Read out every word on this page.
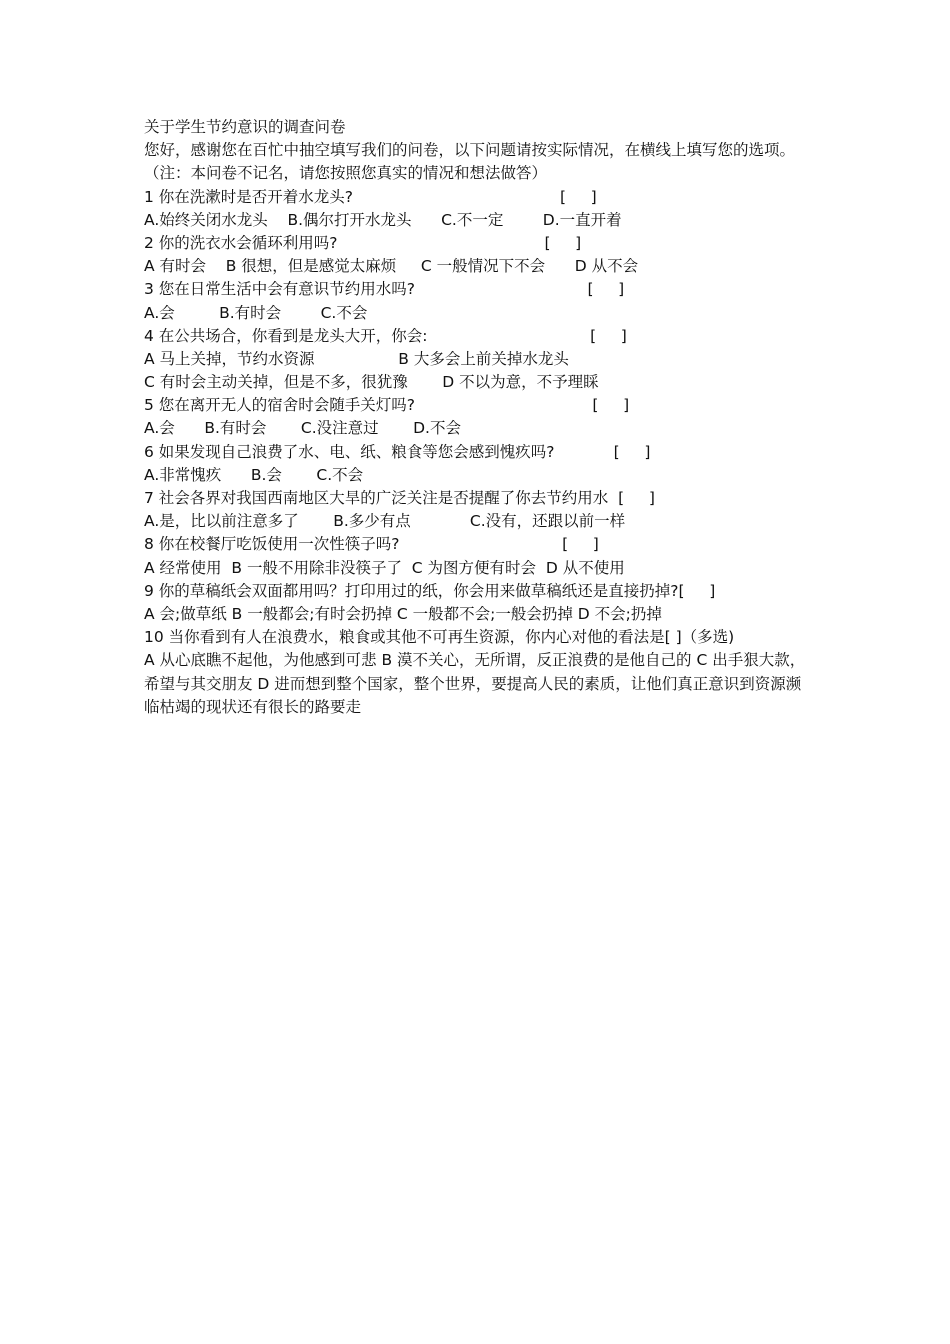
关于学生节约意识的调查问卷
您好，感谢您在百忙中抽空填写我们的问卷，以下问题请按实际情况，在横线上填写您的选项。（注：本问卷不记名，请您按照您真实的情况和想法做答）
1 你在洗漱时是否开着水龙头?                                          [     ]
A.始终关闭水龙头    B.偶尔打开水龙头      C.不一定        D.一直开着
2 你的洗衣水会循环利用吗?                                          [     ]
A 有时会    B 很想，但是感觉太麻烦     C 一般情况下不会      D 从不会
3 您在日常生活中会有意识节约用水吗?                                   [     ]
A.会         B.有时会        C.不会
4 在公共场合，你看到是龙头大开，你会:                                 [     ]
A 马上关掉，节约水资源                 B 大多会上前关掉水龙头
C 有时会主动关掉，但是不多，很犹豫       D 不以为意，不予理睬
5 您在离开无人的宿舍时会随手关灯吗?                                    [     ]
A.会      B.有时会       C.没注意过       D.不会
6 如果发现自己浪费了水、电、纸、粮食等您会感到愧疚吗?            [     ]
A.非常愧疚      B.会       C.不会
7 社会各界对我国西南地区大旱的广泛关注是否提醒了你去节约用水  [     ]
A.是，比以前注意多了       B.多少有点            C.没有，还跟以前一样
8 你在校餐厅吃饭使用一次性筷子吗?                                 [     ]
A 经常使用  B 一般不用除非没筷子了  C 为图方便有时会  D 从不使用
9 你的草稿纸会双面都用吗？打印用过的纸，你会用来做草稿纸还是直接扔掉?[     ]
A 会;做草纸 B 一般都会;有时会扔掉 C 一般都不会;一般会扔掉 D 不会;扔掉
10 当你看到有人在浪费水，粮食或其他不可再生资源，你内心对他的看法是[ ]（多选)
A 从心底瞧不起他，为他感到可悲 B 漠不关心，无所谓，反正浪费的是他自己的 C 出手狠大款，希望与其交朋友 D 进而想到整个国家，整个世界，要提高人民的素质，让他们真正意识到资源濒临枯竭的现状还有很长的路要走
